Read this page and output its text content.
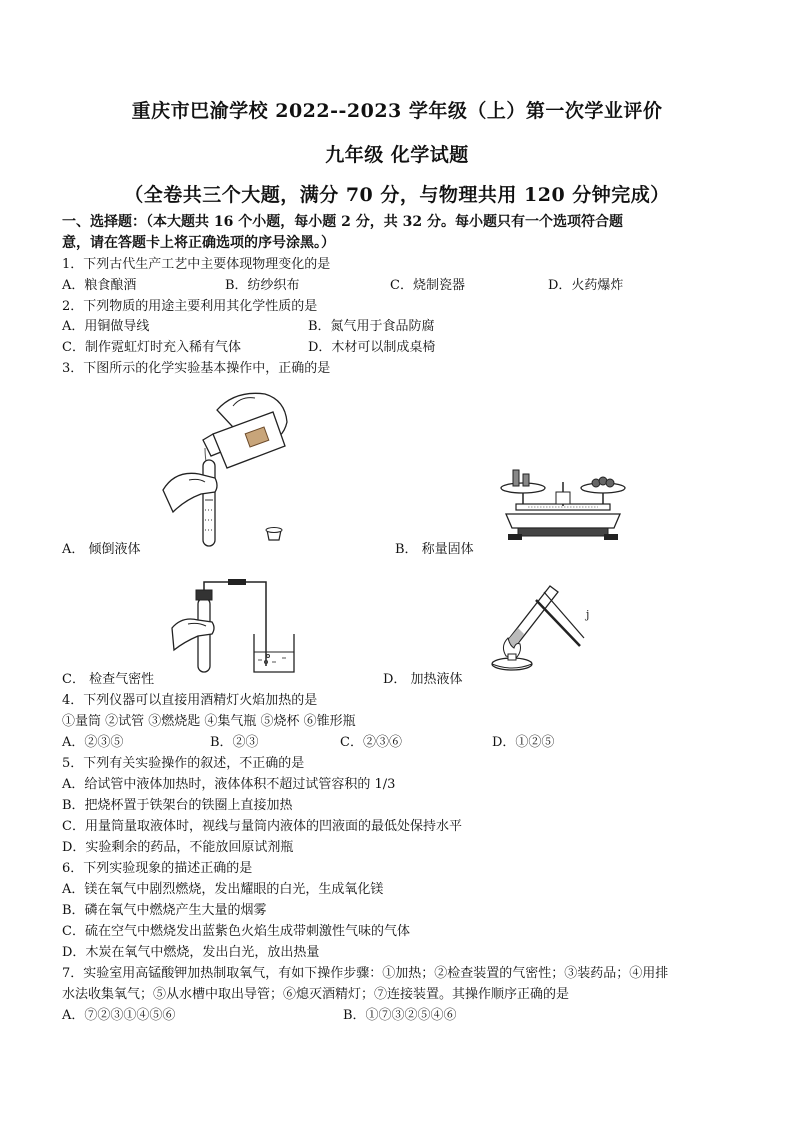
重庆市巴渝学校 2022--2023 学年级（上）第一次学业评价
九年级 化学试题
（全卷共三个大题，满分 70 分，与物理共用 120 分钟完成）
一、选择题：（本大题共 16 个小题，每小题 2 分，共 32 分。每小题只有一个选项符合题
意，请在答题卡上将正确选项的序号涂黑。）
1．下列古代生产工艺中主要体现物理变化的是
A．粮食酿酒	B．纺纱织布	C．烧制瓷器	D．火药爆炸
2．下列物质的用途主要利用其化学性质的是
A．用铜做导线	B．氮气用于食品防腐
C．制作霓虹灯时充入稀有气体	D．木材可以制成桌椅
3．下图所示的化学实验基本操作中，正确的是
A． 倾倒液体	B． 称量固体
C． 检查气密性
j
D． 加热液体
4．下列仪器可以直接用酒精灯火焰加热的是
①量筒 ②试管 ③燃烧匙 ④集气瓶 ⑤烧杯 ⑥锥形瓶
A．②③⑤	B．②③	C．②③⑥	D．①②⑤
5．下列有关实验操作的叙述，不正确的是
A．给试管中液体加热时，液体体积不超过试管容积的 1/3
B．把烧杯置于铁架台的铁圈上直接加热
C．用量筒量取液体时，视线与量筒内液体的凹液面的最低处保持水平
D．实验剩余的药品，不能放回原试剂瓶
6．下列实验现象的描述正确的是
A．镁在氧气中剧烈燃烧，发出耀眼的白光，生成氧化镁
B．磷在氧气中燃烧产生大量的烟雾
C．硫在空气中燃烧发出蓝紫色火焰生成带刺激性气味的气体
D．木炭在氧气中燃烧，发出白光，放出热量
7．实验室用高锰酸钾加热制取氧气，有如下操作步骤：①加热；②检查装置的气密性；③装药品；④用排
水法收集氧气；⑤从水槽中取出导管；⑥熄灭酒精灯；⑦连接装置。其操作顺序正确的是
A．⑦②③①④⑤⑥	B．①⑦③②⑤④⑥
